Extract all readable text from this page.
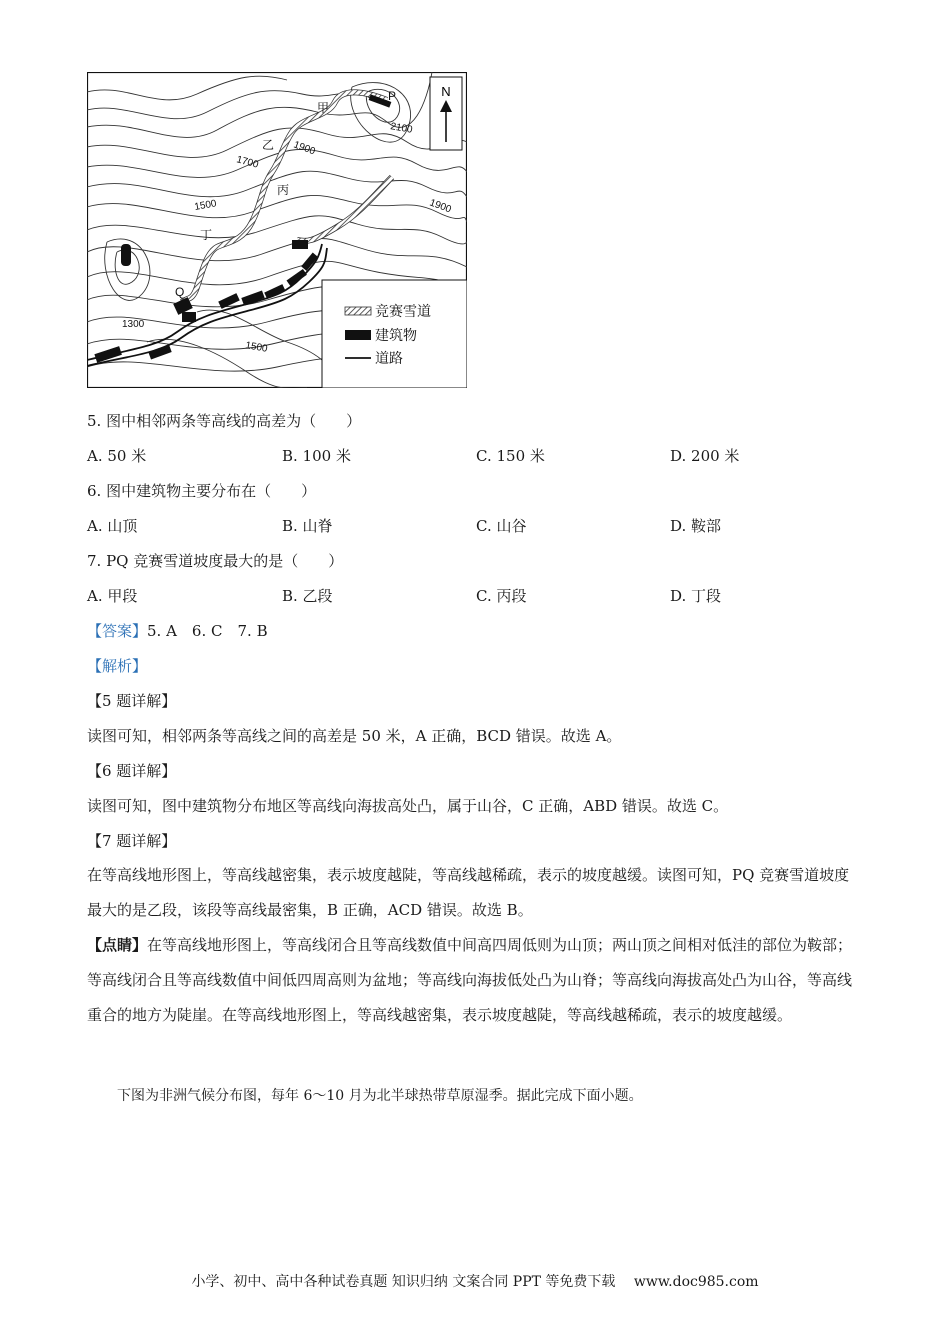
N
竞赛雪道
建筑物
道路
P
Q
甲
乙
丙
丁
2100
1900
1700
1900
1500
1300
1500
5. 图中相邻两条等高线的高差为（　　）
A. 50 米	B. 100 米	C. 150 米	D. 200 米
6. 图中建筑物主要分布在（　　）
A. 山顶	B. 山脊	C. 山谷	D. 鞍部
7. PQ 竞赛雪道坡度最大的是（　　）
A. 甲段	B. 乙段	C. 丙段	D. 丁段
【答案】5. A　6. C　7. B
【解析】
【5 题详解】
读图可知，相邻两条等高线之间的高差是 50 米，A 正确，BCD 错误。故选 A。
【6 题详解】
读图可知，图中建筑物分布地区等高线向海拔高处凸，属于山谷，C 正确，ABD 错误。故选 C。
【7 题详解】
在等高线地形图上，等高线越密集，表示坡度越陡，等高线越稀疏，表示的坡度越缓。读图可知，PQ 竞赛雪道坡度最大的是乙段，该段等高线最密集，B 正确，ACD 错误。故选 B。
【点睛】在等高线地形图上，等高线闭合且等高线数值中间高四周低则为山顶；两山顶之间相对低洼的部位为鞍部；等高线闭合且等高线数值中间低四周高则为盆地；等高线向海拔低处凸为山脊；等高线向海拔高处凸为山谷，等高线重合的地方为陡崖。在等高线地形图上，等高线越密集，表示坡度越陡，等高线越稀疏，表示的坡度越缓。
下图为非洲气候分布图，每年 6～10 月为北半球热带草原湿季。据此完成下面小题。
小学、初中、高中各种试卷真题 知识归纳 文案合同 PPT 等免费下载　 www.doc985.com
